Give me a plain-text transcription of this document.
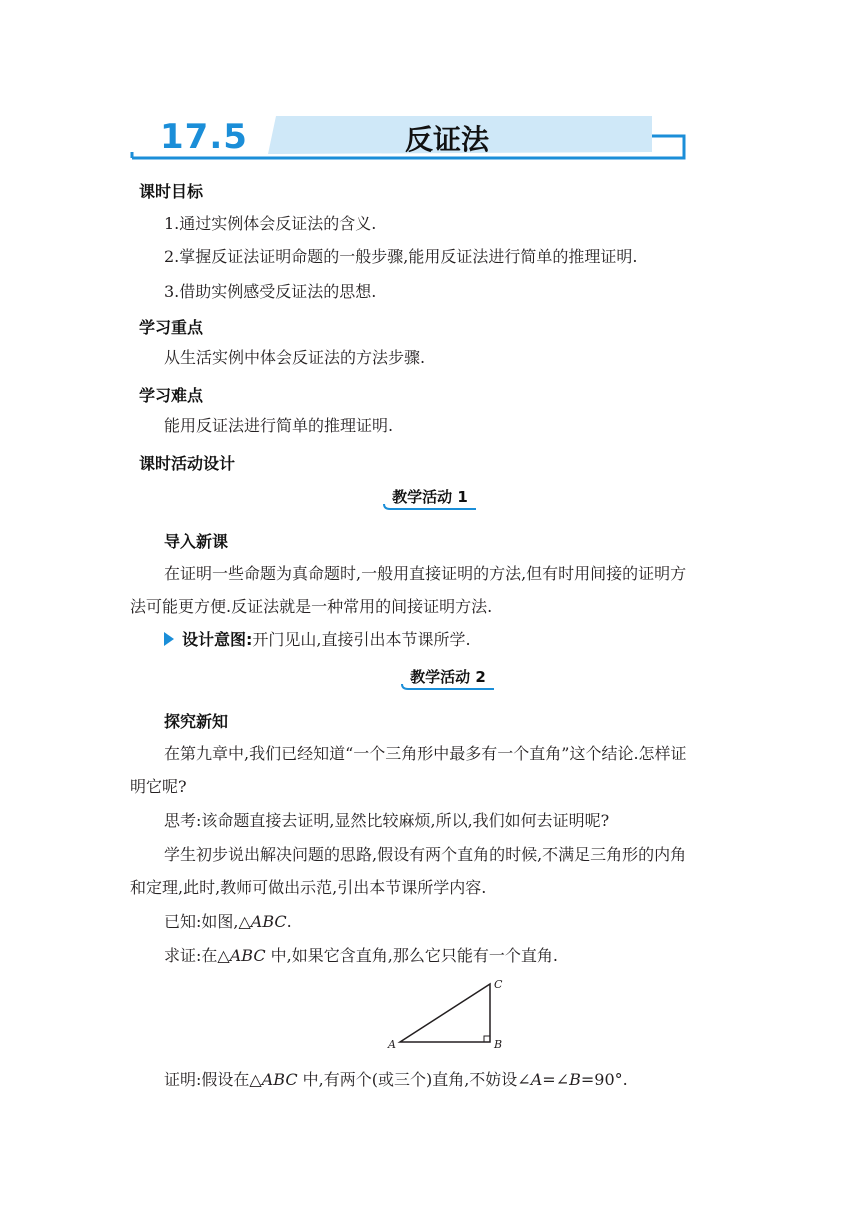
17.5	反证法
课时目标
1.通过实例体会反证法的含义.
2.掌握反证法证明命题的一般步骤,能用反证法进行简单的推理证明.
3.借助实例感受反证法的思想.
学习重点
从生活实例中体会反证法的方法步骤.
学习难点
能用反证法进行简单的推理证明.
课时活动设计
教学活动 1
导入新课
在证明一些命题为真命题时,一般用直接证明的方法,但有时用间接的证明方
法可能更方便.反证法就是一种常用的间接证明方法.
设计意图:开门见山,直接引出本节课所学.
教学活动 2
探究新知
在第九章中,我们已经知道“一个三角形中最多有一个直角”这个结论.怎样证
明它呢?
思考:该命题直接去证明,显然比较麻烦,所以,我们如何去证明呢?
学生初步说出解决问题的思路,假设有两个直角的时候,不满足三角形的内角
和定理,此时,教师可做出示范,引出本节课所学内容.
已知:如图,△ABC.
求证:在△ABC 中,如果它含直角,那么它只能有一个直角.
A	B
C
证明:假设在△ABC 中,有两个(或三个)直角,不妨设∠A=∠B=90°.
